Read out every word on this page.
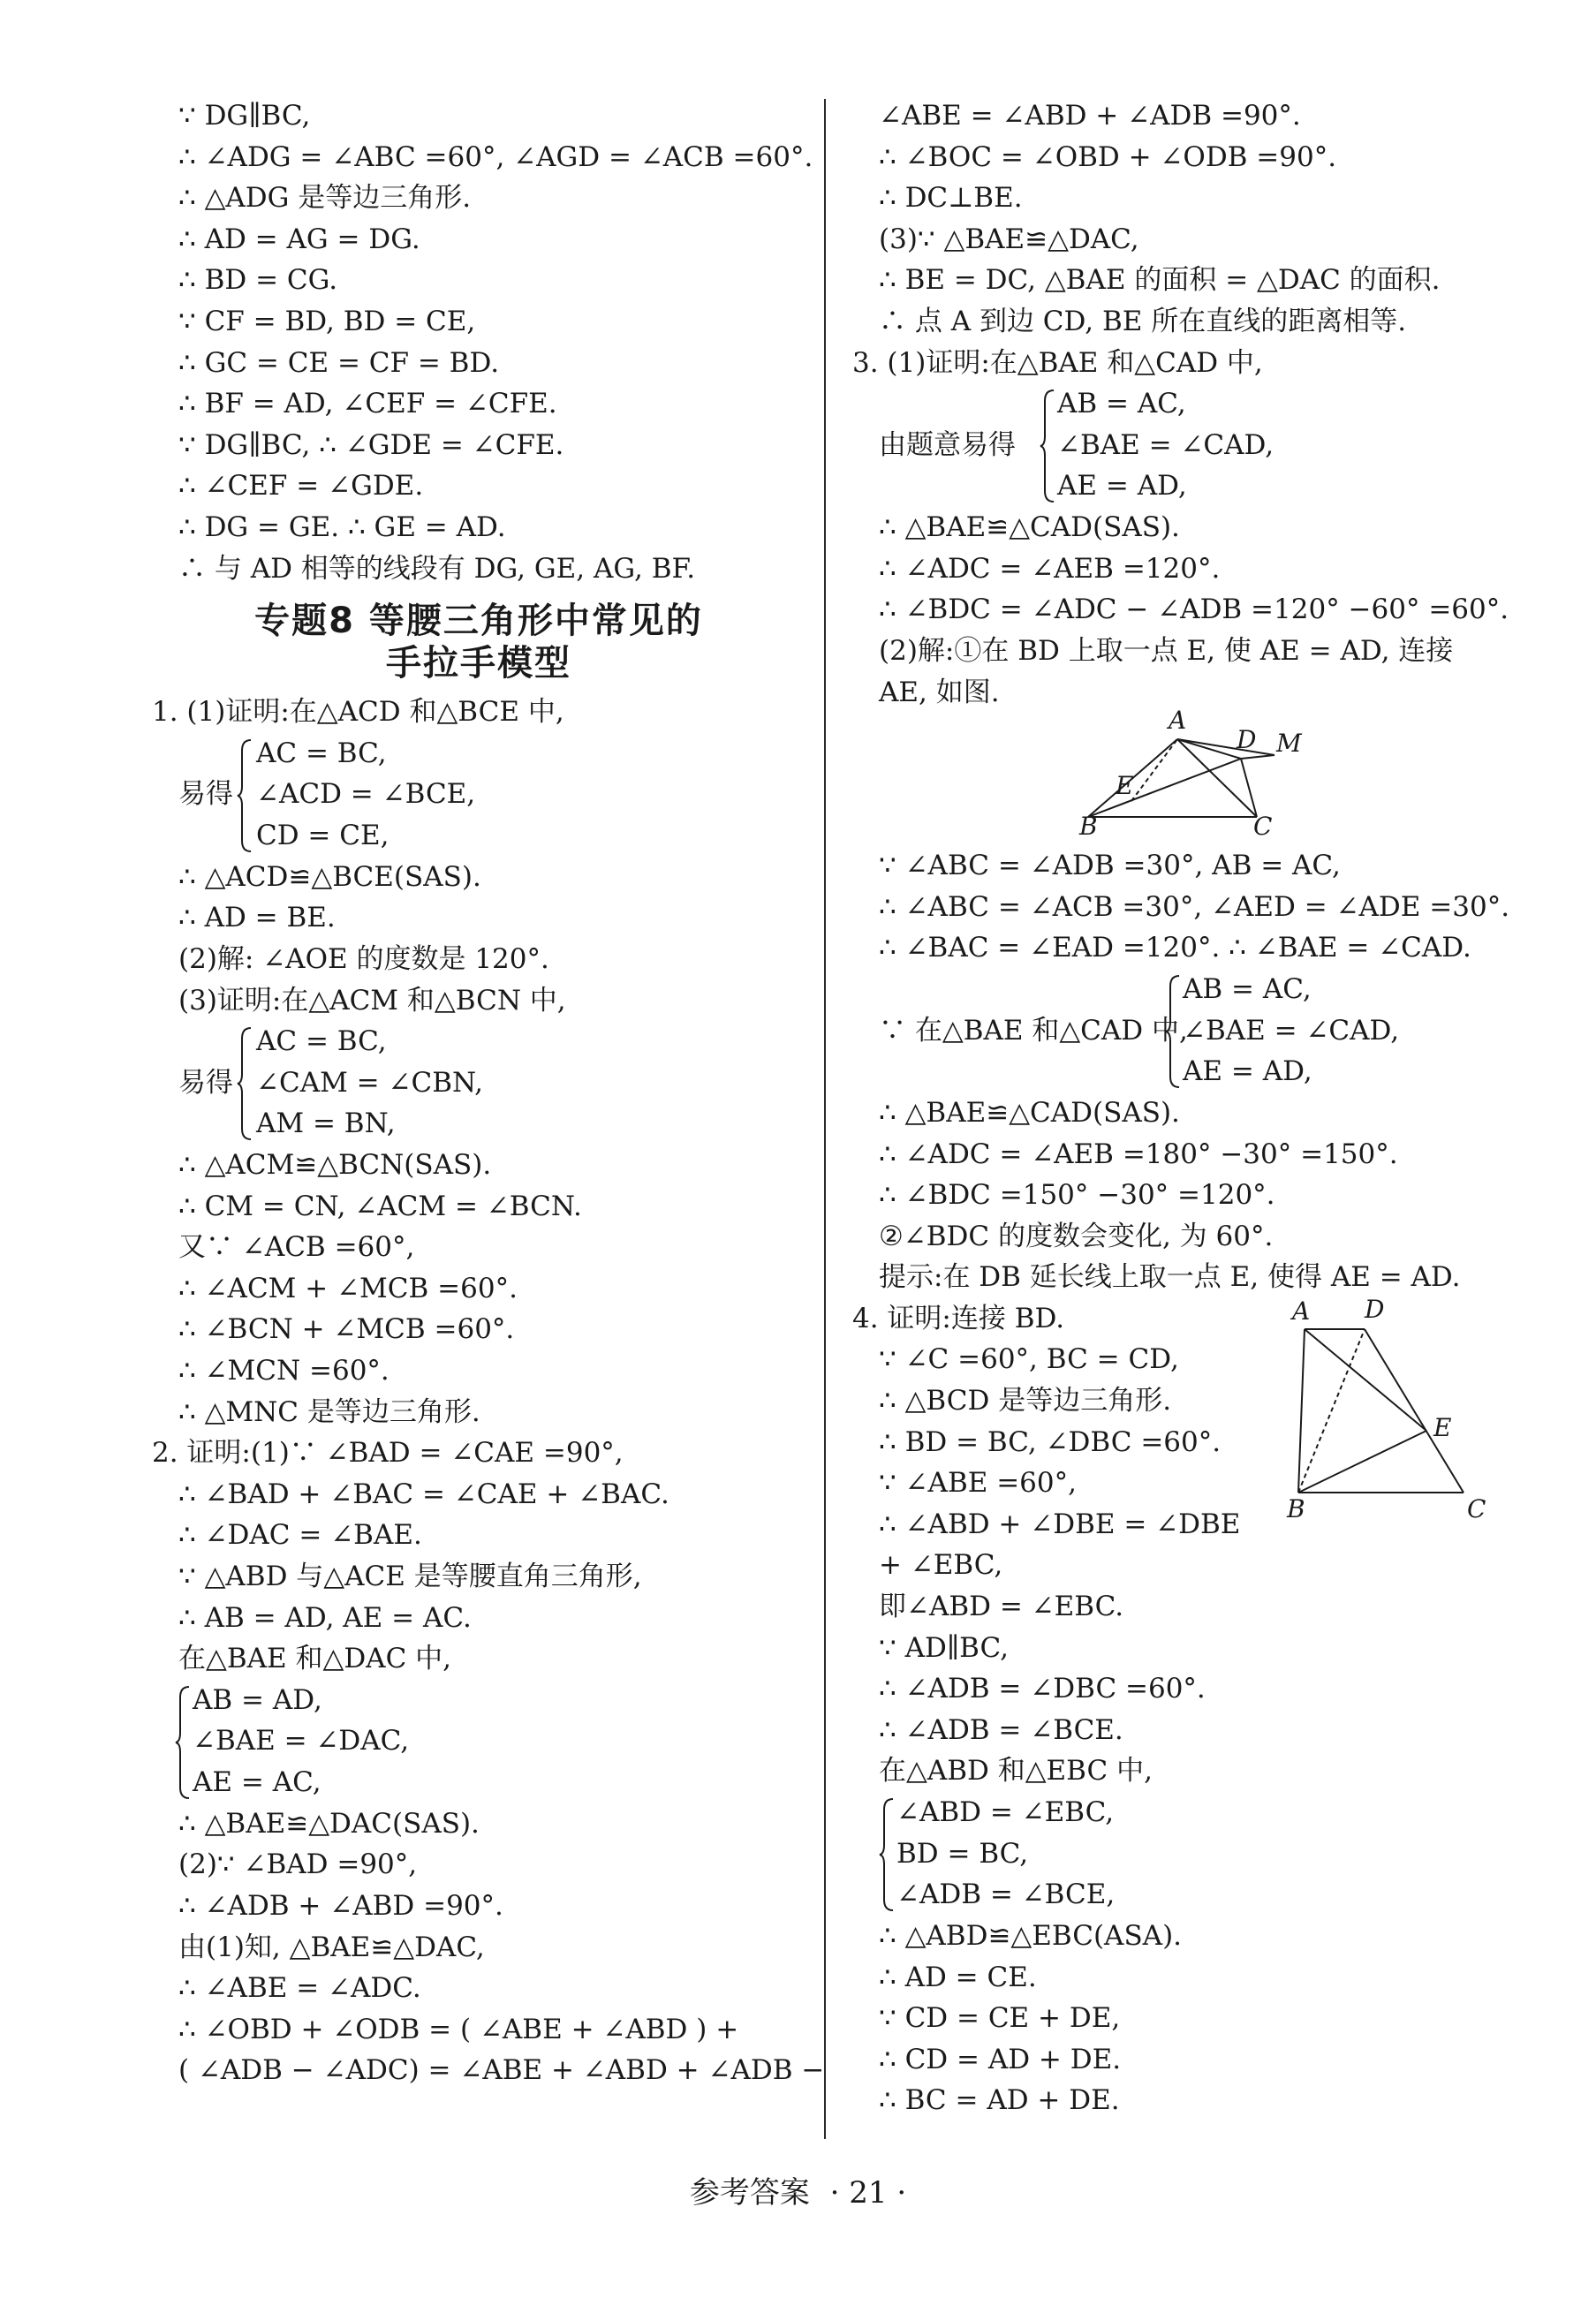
∵ DG∥BC,
∴ ∠ADG = ∠ABC =60°, ∠AGD = ∠ACB =60°.
∴ △ADG 是等边三角形.
∴ AD = AG = DG.
∴ BD = CG.
∵ CF = BD, BD = CE,
∴ GC = CE = CF = BD.
∴ BF = AD, ∠CEF = ∠CFE.
∵ DG∥BC, ∴ ∠GDE = ∠CFE.
∴ ∠CEF = ∠GDE.
∴ DG = GE. ∴ GE = AD.
∴ 与 AD 相等的线段有 DG, GE, AG, BF.
专题8 等腰三角形中常见的
手拉手模型
1. (1)证明:在△ACD 和△BCE 中,
易得
AC = BC,
∠ACD = ∠BCE,
CD = CE,
∴ △ACD≌△BCE(SAS).
∴ AD = BE.
(2)解: ∠AOE 的度数是 120°.
(3)证明:在△ACM 和△BCN 中,
易得
AC = BC,
∠CAM = ∠CBN,
AM = BN,
∴ △ACM≌△BCN(SAS).
∴ CM = CN, ∠ACM = ∠BCN.
又∵ ∠ACB =60°,
∴ ∠ACM + ∠MCB =60°.
∴ ∠BCN + ∠MCB =60°.
∴ ∠MCN =60°.
∴ △MNC 是等边三角形.
2. 证明:(1)∵ ∠BAD = ∠CAE =90°,
∴ ∠BAD + ∠BAC = ∠CAE + ∠BAC.
∴ ∠DAC = ∠BAE.
∵ △ABD 与△ACE 是等腰直角三角形,
∴ AB = AD, AE = AC.
在△BAE 和△DAC 中,
AB = AD,
∠BAE = ∠DAC,
AE = AC,
∴ △BAE≌△DAC(SAS).
(2)∵ ∠BAD =90°,
∴ ∠ADB + ∠ABD =90°.
由(1)知, △BAE≌△DAC,
∴ ∠ABE = ∠ADC.
∴ ∠OBD + ∠ODB = ( ∠ABE + ∠ABD ) +
( ∠ADB − ∠ADC) = ∠ABE + ∠ABD + ∠ADB −
∠ABE = ∠ABD + ∠ADB =90°.
∴ ∠BOC = ∠OBD + ∠ODB =90°.
∴ DC⊥BE.
(3)∵ △BAE≌△DAC,
∴ BE = DC, △BAE 的面积 = △DAC 的面积.
∴ 点 A 到边 CD, BE 所在直线的距离相等.
3. (1)证明:在△BAE 和△CAD 中,
由题意易得
AB = AC,
∠BAE = ∠CAD,
AE = AD,
∴ △BAE≌△CAD(SAS).
∴ ∠ADC = ∠AEB =120°.
∴ ∠BDC = ∠ADC − ∠ADB =120° −60° =60°.
(2)解:①在 BD 上取一点 E, 使 AE = AD, 连接
AE, 如图.
A
D M
E
B	C
∵ ∠ABC = ∠ADB =30°, AB = AC,
∴ ∠ABC = ∠ACB =30°, ∠AED = ∠ADE =30°.
∴ ∠BAC = ∠EAD =120°. ∴ ∠BAE = ∠CAD.
∵ 在△BAE 和△CAD 中,
AB = AC,
∠BAE = ∠CAD,
AE = AD,
∴ △BAE≌△CAD(SAS).
∴ ∠ADC = ∠AEB =180° −30° =150°.
∴ ∠BDC =150° −30° =120°.
②∠BDC 的度数会变化, 为 60°.
提示:在 DB 延长线上取一点 E, 使得 AE = AD.
4. 证明:连接 BD.
∵ ∠C =60°, BC = CD,
∴ △BCD 是等边三角形.
∴ BD = BC, ∠DBC =60°.
∵ ∠ABE =60°,
∴ ∠ABD + ∠DBE = ∠DBE
+ ∠EBC,
即∠ABD = ∠EBC.
∵ AD∥BC,
∴ ∠ADB = ∠DBC =60°.
∴ ∠ADB = ∠BCE.
在△ABD 和△EBC 中,
∠ABD = ∠EBC,
BD = BC,
∠ADB = ∠BCE,
∴ △ABD≌△EBC(ASA).
∴ AD = CE.
∵ CD = CE + DE,
∴ CD = AD + DE.
∴ BC = AD + DE.
A D
E
B	C
参考答案 · 21 ·
